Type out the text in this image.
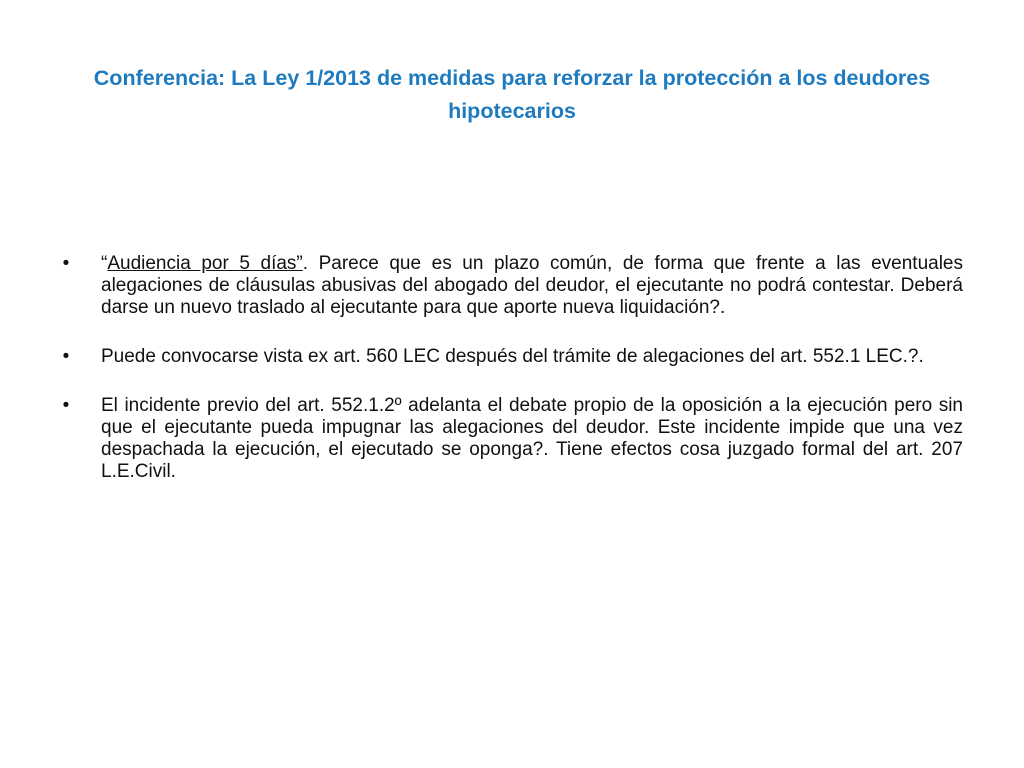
Conferencia: La Ley 1/2013 de medidas para reforzar la protección a los deudores hipotecarios
• “Audiencia por 5 días”. Parece que es un plazo común, de forma que frente a las eventuales alegaciones de cláusulas abusivas del abogado del deudor, el ejecutante no podrá contestar. Deberá darse un nuevo traslado al ejecutante para que aporte nueva liquidación?.
• Puede convocarse vista ex art. 560 LEC después del trámite de alegaciones del art. 552.1 LEC.?.
• El incidente previo del art. 552.1.2º adelanta el debate propio de la oposición a la ejecución pero sin que el ejecutante pueda impugnar las alegaciones del deudor. Este incidente impide que una vez despachada la ejecución, el ejecutado se oponga?. Tiene efectos cosa juzgado formal del art. 207 L.E.Civil.
